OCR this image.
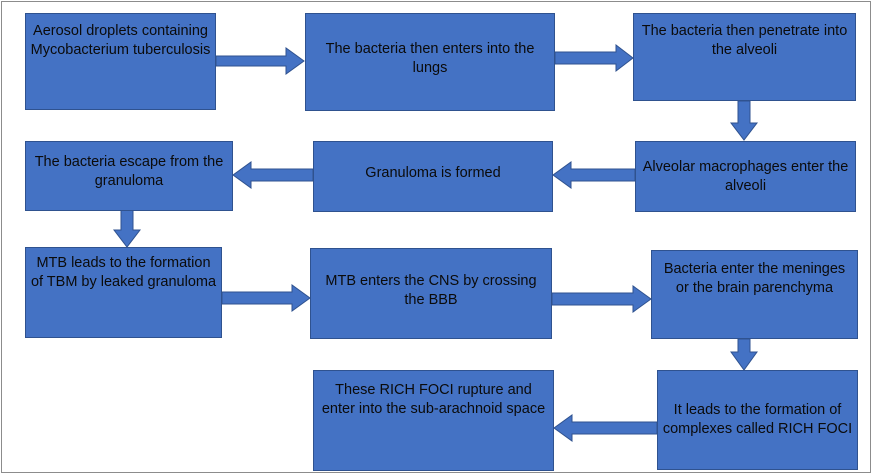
Aerosol droplets containing Mycobacterium tuberculosis	The bacteria then enters into the lungs
The bacteria then penetrate into the alveoli
Alveolar macrophages enter the alveoli
Granuloma is formed
The bacteria escape from the granuloma
MTB leads to the formation of TBM by leaked granuloma	MTB enters the CNS by crossing the BBB
Bacteria enter the meninges or the brain parenchyma
It leads to the formation of complexes called RICH FOCI
These RICH FOCI rupture and enter into the sub-arachnoid space
